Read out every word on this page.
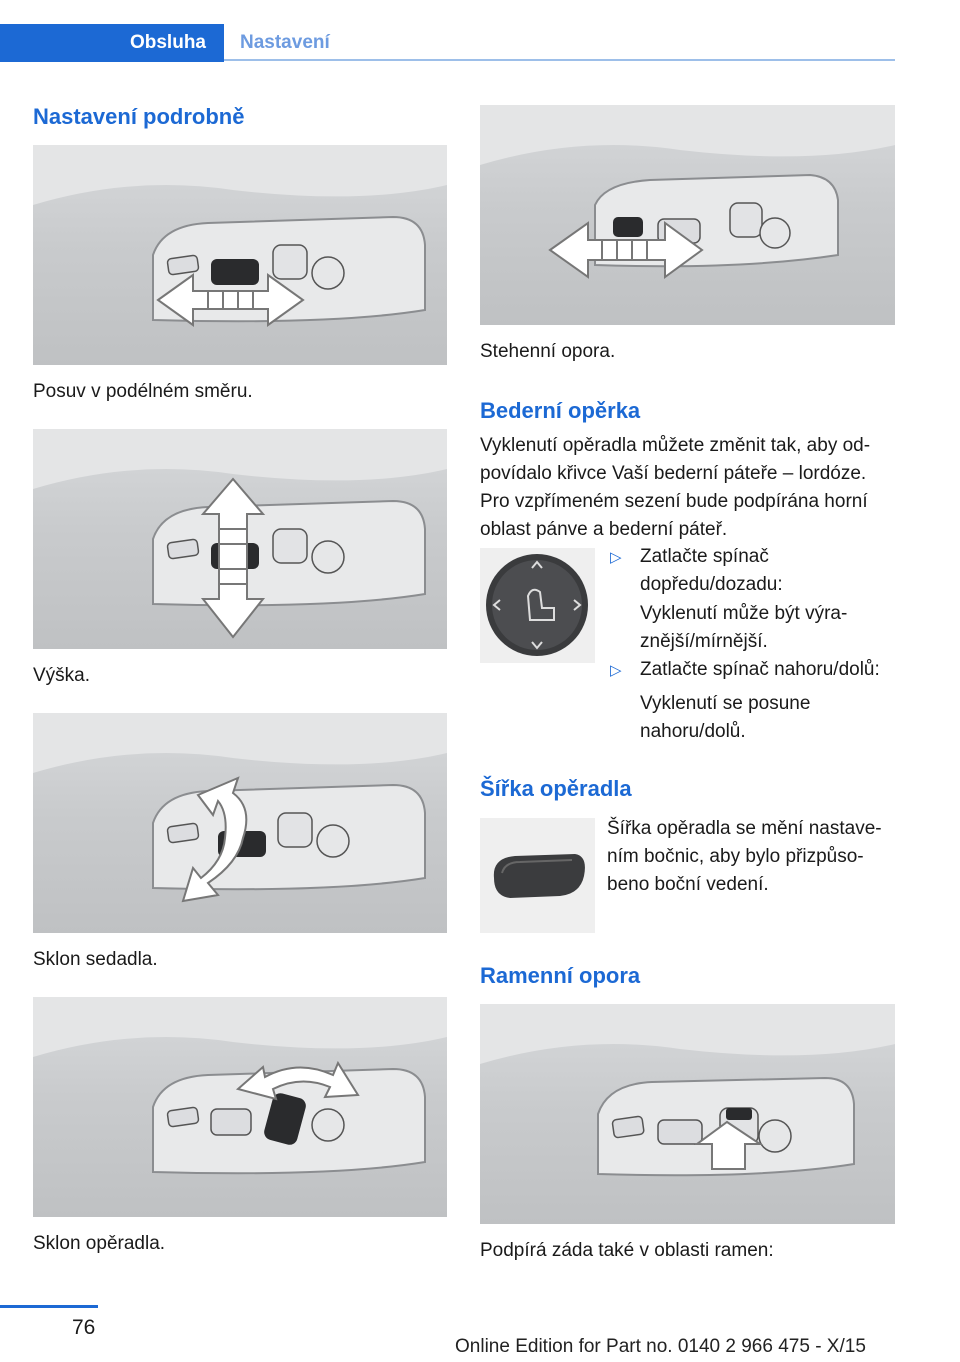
Obsluha	Nastavení
Nastavení podrobně
Posuv v podélném směru.
Výška.
Sklon sedadla.
Sklon opěradla.
Stehenní opora.
Bederní opěrka
Vyklenutí opěradla můžete změnit tak, aby odpovídalo křivce Vaší bederní páteře – lordóze. Pro vzpřímeném sezení bude podpírána horní oblast pánve a bederní páteř.
▷ Zatlačte spínač dopředu/dozadu:
Vyklenutí může být výraznější/mírnější.
▷ Zatlačte spínač nahoru/dolů:
Vyklenutí se posune nahoru/dolů.
Šířka opěradla
Šířka opěradla se mění nastavením bočnic, aby bylo přizpůsobeno boční vedení.
Ramenní opora
Podpírá záda také v oblasti ramen:
76
Online Edition for Part no. 0140 2 966 475 - X/15
